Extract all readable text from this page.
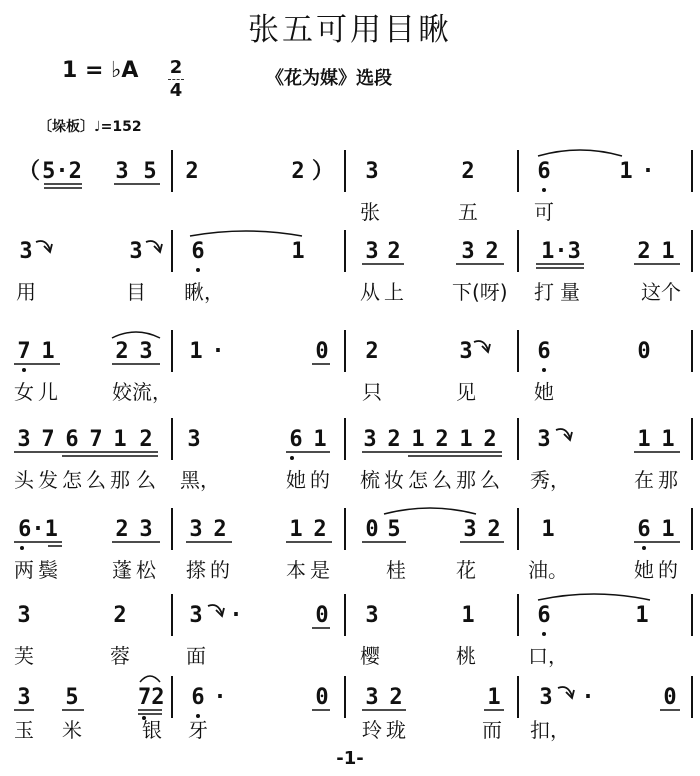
张五可用目瞅
1 = ♭A 2
4
《花为媒》选段
〔垛板〕♩=152
（ 5·2 3 5 2	2 ） 3	2	6	1 ·
张	五	可
3	3 6	1	3 2	3 2 1·3	2 1
用	目 瞅，	从 上 下(呀)	打 量	这个
7 1	2 3 1 ·	0 2	3	6	0
女 儿	姣 流，	只	见	她
3 7 6 7 1 2 3	6 1 3 2 1 2 1 2 3	1 1
头 发 怎 么 那 么 黑，	她 的 梳 妆 怎 么 那 么 秀，	在 那
6·1	2 3 3 2	1 2 0 5	3 2 1	6 1
两 鬓	蓬 松 搽 的	本 是	桂	花	油。	她 的
3	2	3 ·	0 3	1	6	1
芙	蓉	面	樱	桃	口，
3 5	72 6 ·	0 3 2	1 3 ·	0
玉 米	银 牙	玲 珑	而 扣，
-1-
